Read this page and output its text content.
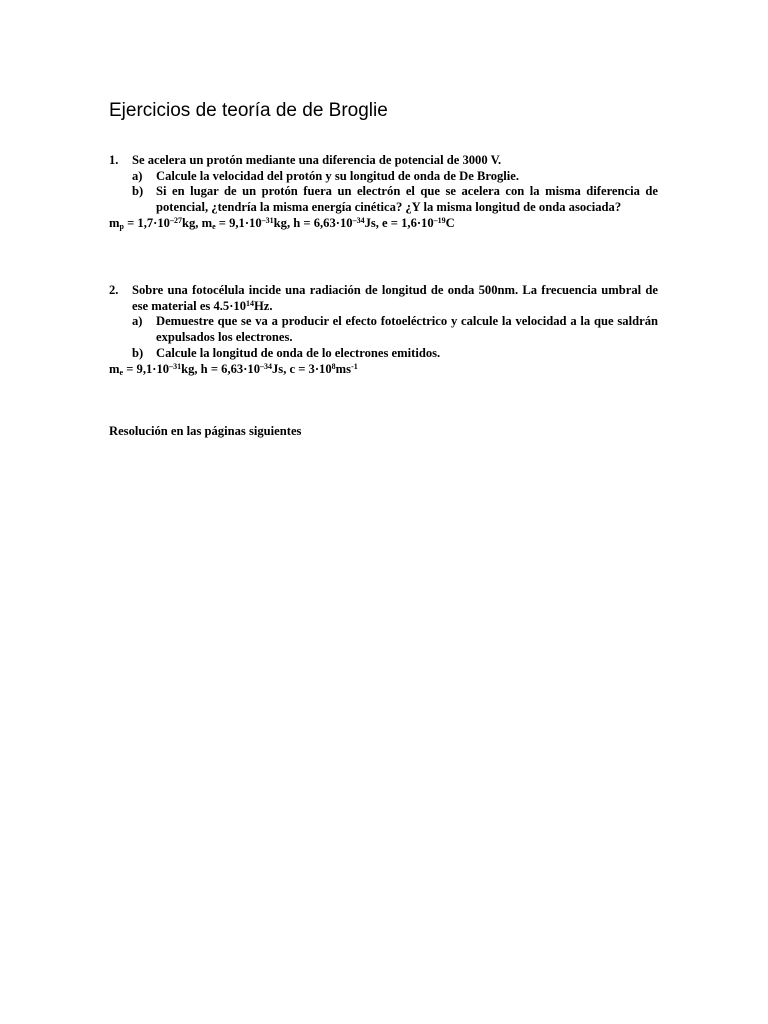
Ejercicios de teoría de de Broglie
1. Se acelera un protón mediante una diferencia de potencial de 3000 V.
a) Calcule la velocidad del protón y su longitud de onda de De Broglie.
b) Si en lugar de un protón fuera un electrón el que se acelera con la misma diferencia de potencial, ¿tendría la misma energía cinética? ¿Y la misma longitud de onda asociada?
$m_p = 1,7\cdot 10^{-27}kg$, $m_e = 9,1\cdot 10^{-31}kg$, $h = 6,63\cdot 10^{-34}Js$, $e = 1,6\cdot 10^{-19}C$
2. Sobre una fotocélula incide una radiación de longitud de onda 500nm. La frecuencia umbral de ese material es $4.5\cdot 10^{14}Hz$.
a) Demuestre que se va a producir el efecto fotoeléctrico y calcule la velocidad a la que saldrán expulsados los electrones.
b) Calcule la longitud de onda de lo electrones emitidos.
$m_e = 9,1\cdot 10^{-31}kg$, $h = 6,63\cdot 10^{-34}Js$, $c = 3\cdot 10^8ms^{-1}$
Resolución en las páginas siguientes
